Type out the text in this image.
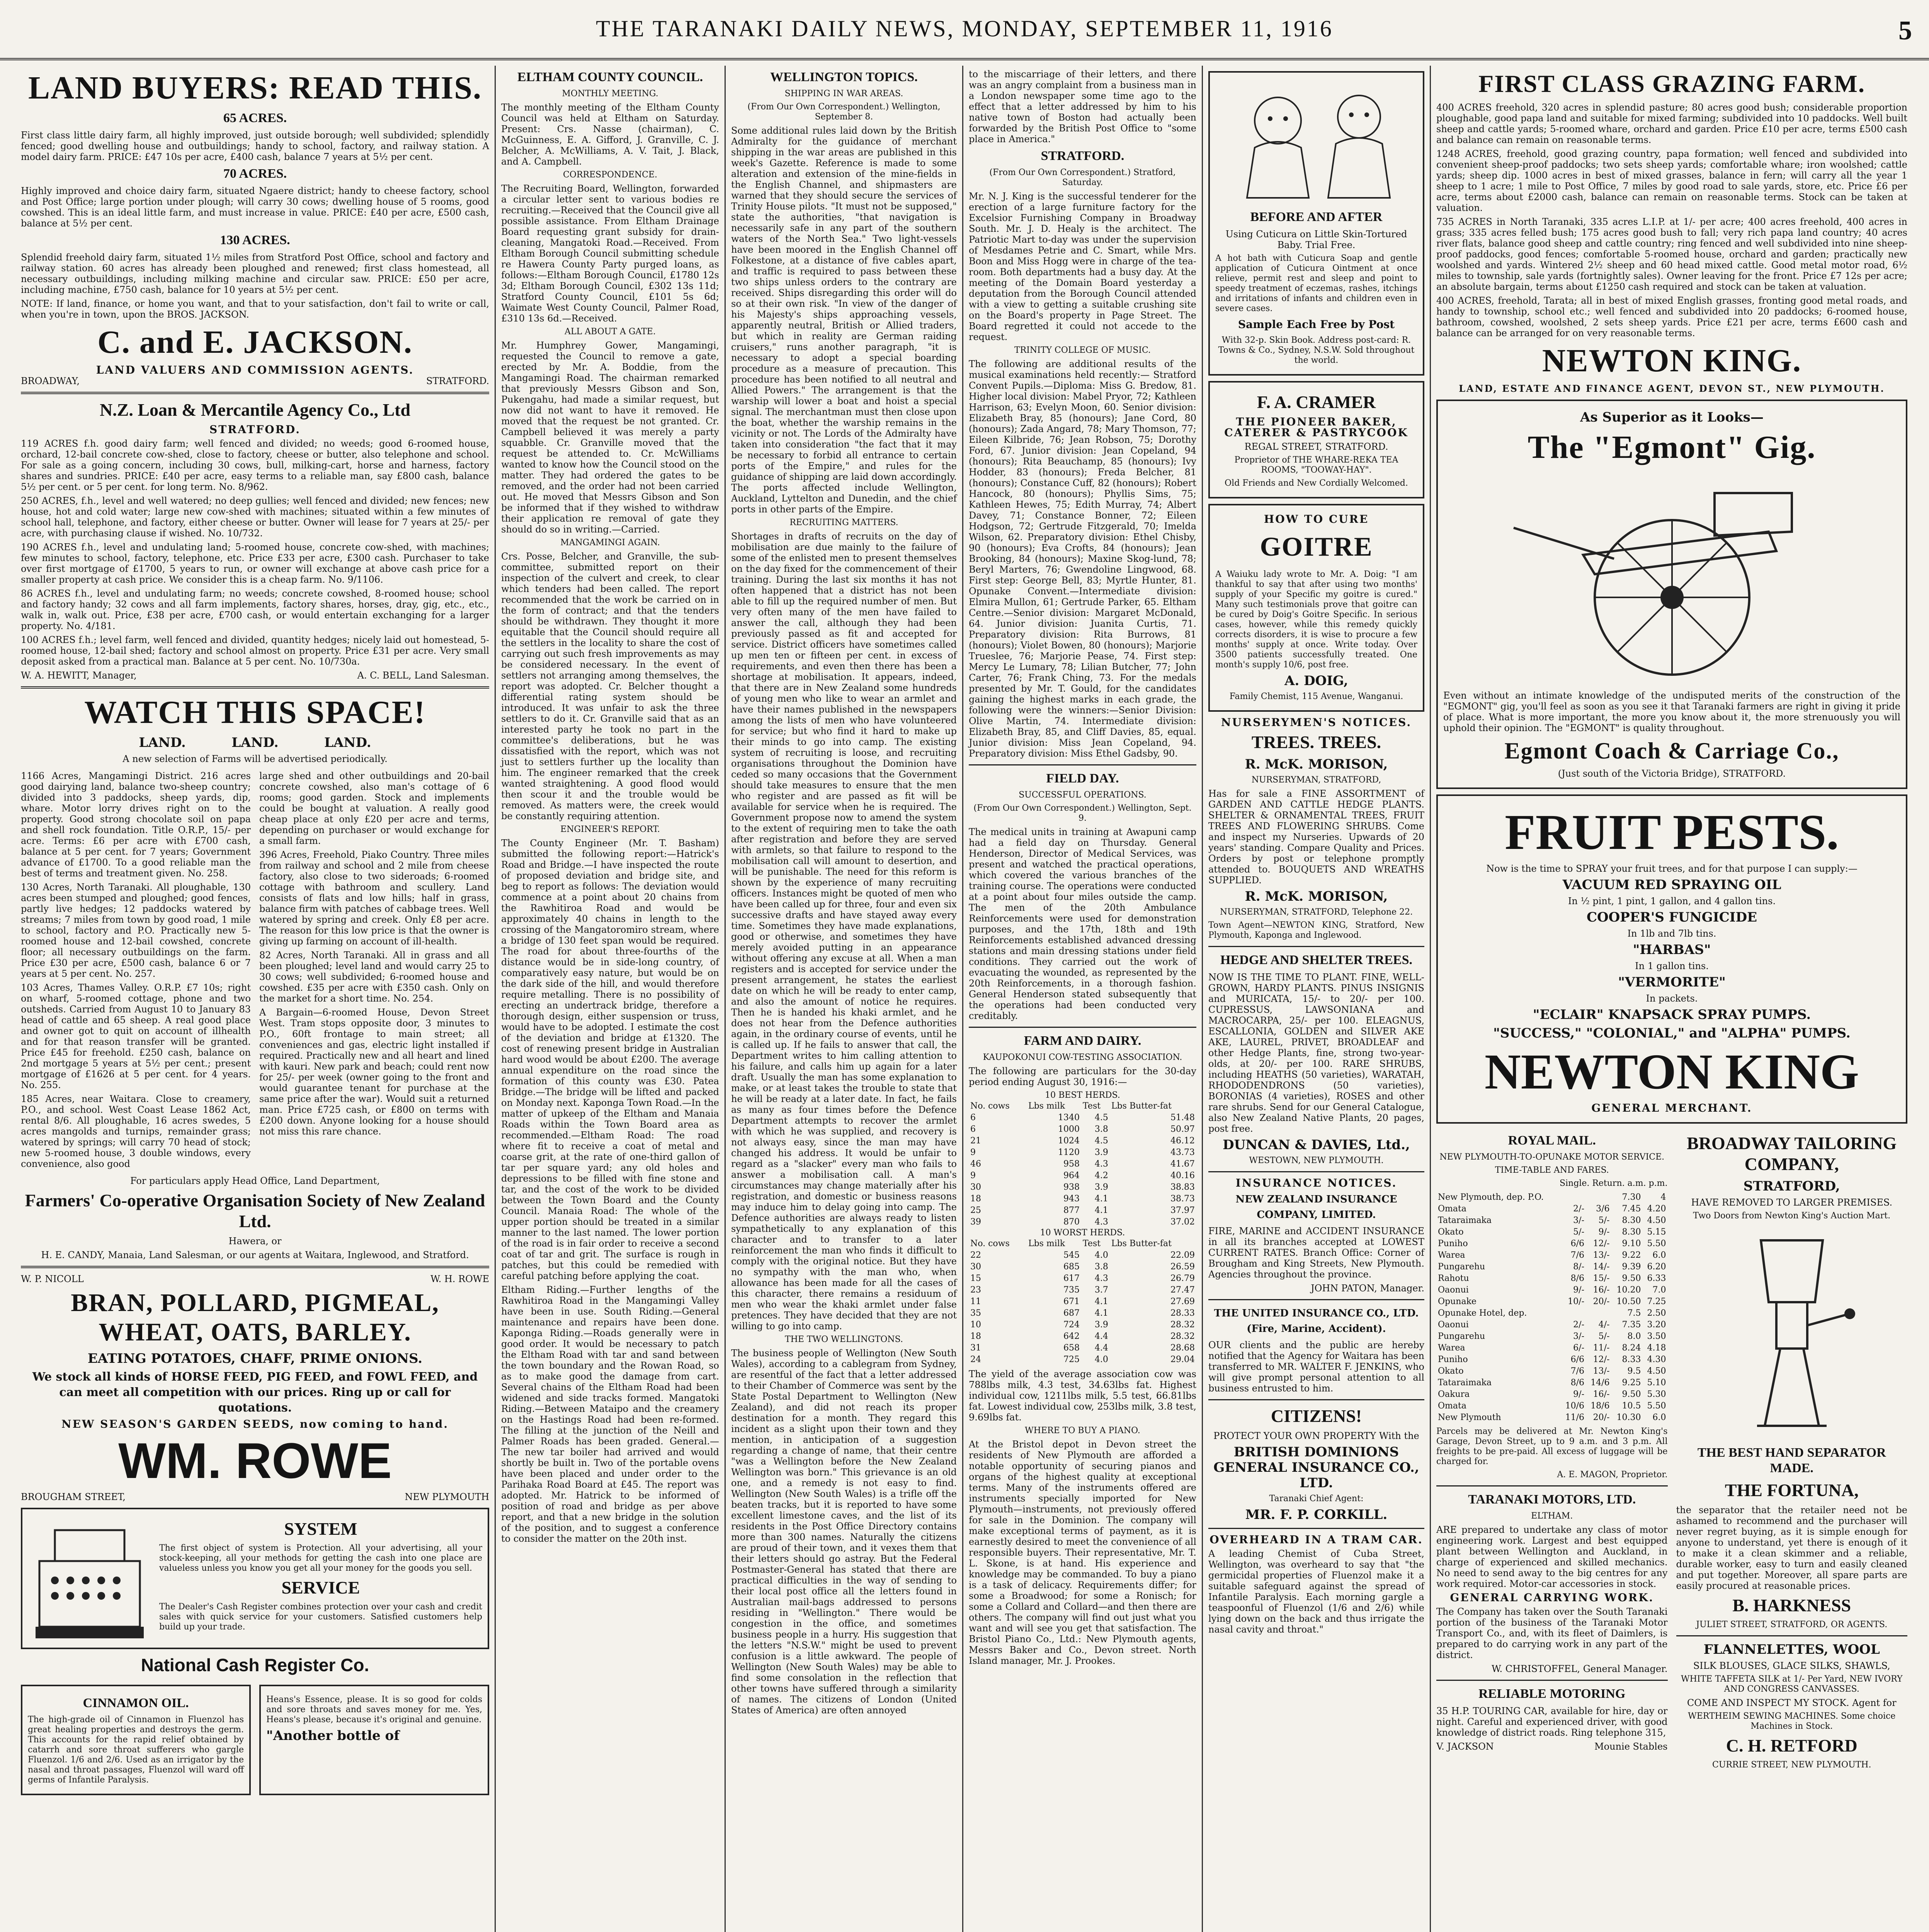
THE TARANAKI DAILY NEWS, MONDAY, SEPTEMBER 11, 1916	5
LAND BUYERS: READ THIS.
65 ACRES.

First class little dairy farm, all highly improved, just outside borough; well subdivided; splendidly fenced; good dwelling house and outbuildings; handy to school, factory, and railway station. A model dairy farm. PRICE: £47 10s per acre, £400 cash, balance 7 years at 5½ per cent.

70 ACRES.

Highly improved and choice dairy farm, situated Ngaere district; handy to cheese factory, school and Post Office; large portion under plough; will carry 30 cows; dwelling house of 5 rooms, good cowshed. This is an ideal little farm, and must increase in value. PRICE: £40 per acre, £500 cash, balance at 5½ per cent.

130 ACRES.

Splendid freehold dairy farm, situated 1½ miles from Stratford Post Office, school and factory and railway station. 60 acres has already been ploughed and renewed; first class homestead, all necessary outbuildings, including milking machine and circular saw. PRICE: £50 per acre, including machine, £750 cash, balance for 10 years at 5½ per cent.

NOTE: If land, finance, or home you want, and that to your satisfaction, don't fail to write or call, when you're in town, upon the BROS. JACKSON.

C. and E. JACKSON.
LAND VALUERS AND COMMISSION AGENTS.
BROADWAY,	STRATFORD.
N.Z. Loan & Mercantile Agency Co., Ltd
STRATFORD.

119 ACRES f.h. good dairy farm; well fenced and divided; no weeds; good 6-roomed house, orchard, 12-bail concrete cow-shed, close to factory, cheese or butter, also telephone and school. For sale as a going concern, including 30 cows, bull, milking-cart, horse and harness, factory shares and sundries. PRICE: £40 per acre, easy terms to a reliable man, say £800 cash, balance 5½ per cent. or 5 per cent. for long term. No. 8/962.

250 ACRES, f.h., level and well watered; no deep gullies; well fenced and divided; new fences; new house, hot and cold water; large new cow-shed with machines; situated within a few minutes of school hall, telephone, and factory, either cheese or butter. Owner will lease for 7 years at 25/- per acre, with purchasing clause if wished. No. 10/732.

190 ACRES f.h., level and undulating land; 5-roomed house, concrete cow-shed, with machines; few minutes to school, factory, telephone, etc. Price £33 per acre, £300 cash. Purchaser to take over first mortgage of £1700, 5 years to run, or owner will exchange at above cash price for a smaller property at cash price. We consider this is a cheap farm. No. 9/1106.

86 ACRES f.h., level and undulating farm; no weeds; concrete cowshed, 8-roomed house; school and factory handy; 32 cows and all farm implements, factory shares, horses, dray, gig, etc., etc., walk in, walk out. Price, £38 per acre, £700 cash, or would entertain exchanging for a larger property. No. 4/181.

100 ACRES f.h.; level farm, well fenced and divided, quantity hedges; nicely laid out homestead, 5-roomed house, 12-bail shed; factory and school almost on property. Price £31 per acre. Very small deposit asked from a practical man. Balance at 5 per cent. No. 10/730a.

W. A. HEWITT, Manager,	A. C. BELL, Land Salesman.
WATCH THIS SPACE!
LAND.          LAND.          LAND.

A new selection of Farms will be advertised periodically.

1166 Acres, Mangamingi District. 216 acres good dairying land, balance two-sheep country; divided into 3 paddocks, sheep yards, dip, whare. Motor lorry drives right on to the property. Good strong chocolate soil on papa and shell rock foundation. Title O.R.P., 15/- per acre. Terms: £6 per acre with £700 cash, balance at 5 per cent. for 7 years; Government advance of £1700. To a good reliable man the best of terms and treatment given. No. 258.

130 Acres, North Taranaki. All ploughable, 130 acres been stumped and ploughed; good fences, partly live hedges; 12 paddocks watered by streams; 7 miles from town by good road, 1 mile to school, factory and P.O. Practically new 5-roomed house and 12-bail cowshed, concrete floor; all necessary outbuildings on the farm. Price £30 per acre, £500 cash, balance 6 or 7 years at 5 per cent. No. 257.

103 Acres, Thames Valley. O.R.P. £7 10s; right on wharf, 5-roomed cottage, phone and two outsheds. Carried from August 10 to January 83 head of cattle and 65 sheep. A real good place and owner got to quit on account of illhealth and for that reason transfer will be granted. Price £45 for freehold. £250 cash, balance on 2nd mortgage 5 years at 5½ per cent.; present mortgage of £1626 at 5 per cent. for 4 years. No. 255.

185 Acres, near Waitara. Close to creamery, P.O., and school. West Coast Lease 1862 Act, rental 8/6. All ploughable, 16 acres swedes, 5 acres mangolds and turnips, remainder grass; watered by springs; will carry 70 head of stock; new 5-roomed house, 3 double windows, every convenience, also good

large shed and other outbuildings and 20-bail concrete cowshed, also man's cottage of 6 rooms; good garden. Stock and implements could be bought at valuation. A really good cheap place at only £20 per acre and terms, depending on purchaser or would exchange for a small farm.

396 Acres, Freehold, Piako Country. Three miles from railway and school and 2 mile from cheese factory, also close to two sideroads; 6-roomed cottage with bathroom and scullery. Land consists of flats and low hills; half in grass, balance firm with patches of cabbage trees. Well watered by spring and creek. Only £8 per acre. The reason for this low price is that the owner is giving up farming on account of ill-health.

82 Acres, North Taranaki. All in grass and all been ploughed; level land and would carry 25 to 30 cows; well subdivided; 6-roomed house and cowshed. £35 per acre with £350 cash. Only on the market for a short time. No. 254.

A Bargain—6-roomed House, Devon Street West. Tram stops opposite door, 3 minutes to P.O., 60ft frontage to main street; all conveniences and gas, electric light installed if required. Practically new and all heart and lined with kauri. New park and beach; could rent now for 25/- per week (owner going to the front and would guarantee tenant for purchase at the same price after the war). Would suit a returned man. Price £725 cash, or £800 on terms with £200 down. Anyone looking for a house should not miss this rare chance.

For particulars apply Head Office, Land Department,

Farmers' Co-operative Organisation Society of New Zealand Ltd.

Hawera, or

H. E. CANDY, Manaia, Land Salesman, or our agents at Waitara, Inglewood, and Stratford.

W. P. NICOLL	W. H. ROWE
BRAN, POLLARD, PIGMEAL, WHEAT, OATS, BARLEY.
EATING POTATOES, CHAFF, PRIME ONIONS.

We stock all kinds of HORSE FEED, PIG FEED, and FOWL FEED, and can meet all competition with our prices. Ring up or call for quotations.

NEW SEASON'S GARDEN SEEDS, now coming to hand.

WM. ROWE
BROUGHAM STREET,	NEW PLYMOUTH
SYSTEM

The first object of system is Protection. All your advertising, all your stock-keeping, all your methods for getting the cash into one place are valueless unless you know you get all your money for the goods you sell.

SERVICE

The Dealer's Cash Register combines protection over your cash and credit sales with quick service for your customers. Satisfied customers help build up your trade.

National Cash Register Co.
CINNAMON OIL.

The high-grade oil of Cinnamon in Fluenzol has great healing properties and destroys the germ. This accounts for the rapid relief obtained by catarrh and sore throat sufferers who gargle Fluenzol. 1/6 and 2/6. Used as an irrigator by the nasal and throat passages, Fluenzol will ward off germs of Infantile Paralysis.

Heans's Essence, please. It is so good for colds and sore throats and saves money for me. Yes, Heans's please, because it's original and genuine.

"Another bottle of

ELTHAM COUNTY COUNCIL.
MONTHLY MEETING.

The monthly meeting of the Eltham County Council was held at Eltham on Saturday. Present: Crs. Nasse (chairman), C. McGuinness, E. A. Gifford, J. Granville, C. J. Belcher, A. McWilliams, A. V. Tait, J. Black, and A. Campbell.

CORRESPONDENCE.

The Recruiting Board, Wellington, forwarded a circular letter sent to various bodies re recruiting.—Received that the Council give all possible assistance. From Eltham Drainage Board requesting grant subsidy for drain-cleaning, Mangatoki Road.—Received. From Eltham Borough Council submitting schedule re Hawera County Party purged loans, as follows:—Eltham Borough Council, £1780 12s 3d; Eltham Borough Council, £302 13s 11d; Stratford County Council, £101 5s 6d; Waimate West County Council, Palmer Road, £310 13s 6d.—Received.

ALL ABOUT A GATE.

Mr. Humphrey Gower, Mangamingi, requested the Council to remove a gate, erected by Mr. A. Boddie, from the Mangamingi Road. The chairman remarked that previously Messrs Gibson and Son, Pukengahu, had made a similar request, but now did not want to have it removed. He moved that the request be not granted. Cr. Campbell believed it was merely a party squabble. Cr. Granville moved that the request be attended to. Cr. McWilliams wanted to know how the Council stood on the matter. They had ordered the gates to be removed, and the order had not been carried out. He moved that Messrs Gibson and Son be informed that if they wished to withdraw their application re removal of gate they should do so in writing.—Carried.

MANGAMINGI AGAIN.

Crs. Posse, Belcher, and Granville, the sub-committee, submitted report on their inspection of the culvert and creek, to clear which tenders had been called. The report recommended that the work be carried on in the form of contract; and that the tenders should be withdrawn. They thought it more equitable that the Council should require all the settlers in the locality to share the cost of carrying out such fresh improvements as may be considered necessary. In the event of settlers not arranging among themselves, the report was adopted. Cr. Belcher thought a differential rating system should be introduced. It was unfair to ask the three settlers to do it. Cr. Granville said that as an interested party he took no part in the committee's deliberations, but he was dissatisfied with the report, which was not just to settlers further up the locality than him. The engineer remarked that the creek wanted straightening. A good flood would then scour it and the trouble would be removed. As matters were, the creek would be constantly requiring attention.

ENGINEER'S REPORT.

The County Engineer (Mr. T. Basham) submitted the following report:—Hatrick's Road and Bridge.—I have inspected the route of proposed deviation and bridge site, and beg to report as follows: The deviation would commence at a point about 20 chains from the Rawhitiroa Road and would be approximately 40 chains in length to the crossing of the Mangatoromiro stream, where a bridge of 130 feet span would be required. The road for about three-fourths of the distance would be in side-long country, of comparatively easy nature, but would be on the dark side of the hill, and would therefore require metalling. There is no possibility of erecting an undertrack bridge, therefore a thorough design, either suspension or truss, would have to be adopted. I estimate the cost of the deviation and bridge at £1320. The cost of renewing present bridge in Australian hard wood would be about £200. The average annual expenditure on the road since the formation of this county was £30. Patea Bridge.—The bridge will be lifted and packed on Monday next. Kaponga Town Road.—In the matter of upkeep of the Eltham and Manaia Roads within the Town Board area as recommended.—Eltham Road: The road where fit to receive a coat of metal and coarse grit, at the rate of one-third gallon of tar per square yard; any old holes and depressions to be filled with fine stone and tar, and the cost of the work to be divided between the Town Board and the County Council. Manaia Road: The whole of the upper portion should be treated in a similar manner to the last named. The lower portion of the road is in fair order to receive a second coat of tar and grit. The surface is rough in patches, but this could be remedied with careful patching before applying the coat.

Eltham Riding.—Further lengths of the Rawhitiroa Road in the Mangamingi Valley have been in use. South Riding.—General maintenance and repairs have been done. Kaponga Riding.—Roads generally were in good order. It would be necessary to patch the Eltham Road with tar and sand between the town boundary and the Rowan Road, so as to make good the damage from cart. Several chains of the Eltham Road had been widened and side tracks formed. Mangatoki Riding.—Between Mataipo and the creamery on the Hastings Road had been re-formed. The filling at the junction of the Neill and Palmer Roads has been graded. General.—The new tar boiler had arrived and would shortly be built in. Two of the portable ovens have been placed and under order to the Parihaka Road Board at £45. The report was adopted. Mr. Hatrick to be informed of position of road and bridge as per above report, and that a new bridge in the solution of the position, and to suggest a conference to consider the matter on the 20th inst.

WELLINGTON TOPICS.
SHIPPING IN WAR AREAS.

(From Our Own Correspondent.) Wellington, September 8.

Some additional rules laid down by the British Admiralty for the guidance of merchant shipping in the war areas are published in this week's Gazette. Reference is made to some alteration and extension of the mine-fields in the English Channel, and shipmasters are warned that they should secure the services of Trinity House pilots. "It must not be supposed," state the authorities, "that navigation is necessarily safe in any part of the southern waters of the North Sea." Two light-vessels have been moored in the English Channel off Folkestone, at a distance of five cables apart, and traffic is required to pass between these two ships unless orders to the contrary are received. Ships disregarding this order will do so at their own risk. "In view of the danger of his Majesty's ships approaching vessels, apparently neutral, British or Allied traders, but which in reality are German raiding cruisers," runs another paragraph, "it is necessary to adopt a special boarding procedure as a measure of precaution. This procedure has been notified to all neutral and Allied Powers." The arrangement is that the warship will lower a boat and hoist a special signal. The merchantman must then close upon the boat, whether the warship remains in the vicinity or not. The Lords of the Admiralty have taken into consideration "the fact that it may be necessary to forbid all entrance to certain ports of the Empire," and rules for the guidance of shipping are laid down accordingly. The ports affected include Wellington, Auckland, Lyttelton and Dunedin, and the chief ports in other parts of the Empire.

RECRUITING MATTERS.

Shortages in drafts of recruits on the day of mobilisation are due mainly to the failure of some of the enlisted men to present themselves on the day fixed for the commencement of their training. During the last six months it has not often happened that a district has not been able to fill up the required number of men. But very often many of the men have failed to answer the call, although they had been previously passed as fit and accepted for service. District officers have sometimes called up men ten or fifteen per cent. in excess of requirements, and even then there has been a shortage at mobilisation. It appears, indeed, that there are in New Zealand some hundreds of young men who like to wear an armlet and have their names published in the newspapers among the lists of men who have volunteered for service; but who find it hard to make up their minds to go into camp. The existing system of recruiting is loose, and recruiting organisations throughout the Dominion have ceded so many occasions that the Government should take measures to ensure that the men who register and are passed as fit will be available for service when he is required. The Government propose now to amend the system to the extent of requiring men to take the oath after registration and before they are served with armlets, so that failure to respond to the mobilisation call will amount to desertion, and will be punishable. The need for this reform is shown by the experience of many recruiting officers. Instances might be quoted of men who have been called up for three, four and even six successive drafts and have stayed away every time. Sometimes they have made explanations, good or otherwise, and sometimes they have merely avoided putting in an appearance without offering any excuse at all. When a man registers and is accepted for service under the present arrangement, he states the earliest date on which he will be ready to enter camp, and also the amount of notice he requires. Then he is handed his khaki armlet, and he does not hear from the Defence authorities again, in the ordinary course of events, until he is called up. If he fails to answer that call, the Department writes to him calling attention to his failure, and calls him up again for a later draft. Usually the man has some explanation to make, or at least takes the trouble to state that he will be ready at a later date. In fact, he fails as many as four times before the Defence Department attempts to recover the armlet with which he was supplied, and recovery is not always easy, since the man may have changed his address. It would be unfair to regard as a "slacker" every man who fails to answer a mobilisation call. A man's circumstances may change materially after his registration, and domestic or business reasons may induce him to delay going into camp. The Defence authorities are always ready to listen sympathetically to any explanation of this character and to transfer to a later reinforcement the man who finds it difficult to comply with the original notice. But they have no sympathy with the man who, when allowance has been made for all the cases of this character, there remains a residuum of men who wear the khaki armlet under false pretences. They have decided that they are not willing to go into camp.

THE TWO WELLINGTONS.

The business people of Wellington (New South Wales), according to a cablegram from Sydney, are resentful of the fact that a letter addressed to their Chamber of Commerce was sent by the State Postal Department to Wellington (New Zealand), and did not reach its proper destination for a month. They regard this incident as a slight upon their town and they mention, in anticipation of a suggestion regarding a change of name, that their centre "was a Wellington before the New Zealand Wellington was born." This grievance is an old one, and a remedy is not easy to find. Wellington (New South Wales) is a trifle off the beaten tracks, but it is reported to have some excellent limestone caves, and the list of its residents in the Post Office Directory contains more than 300 names. Naturally the citizens are proud of their town, and it vexes them that their letters should go astray. But the Federal Postmaster-General has stated that there are practical difficulties in the way of sending to their local post office all the letters found in Australian mail-bags addressed to persons residing in "Wellington." There would be congestion in the office, and sometimes business people in a hurry. His suggestion that the letters "N.S.W." might be used to prevent confusion is a little awkward. The people of Wellington (New South Wales) may be able to find some consolation in the reflection that other towns have suffered through a similarity of names. The citizens of London (United States of America) are often annoyed

to the miscarriage of their letters, and there was an angry complaint from a business man in a London newspaper some time ago to the effect that a letter addressed by him to his native town of Boston had actually been forwarded by the British Post Office to "some place in America."

STRATFORD.

(From Our Own Correspondent.) Stratford, Saturday.

Mr. N. J. King is the successful tenderer for the erection of a large furniture factory for the Excelsior Furnishing Company in Broadway South. Mr. J. D. Healy is the architect. The Patriotic Mart to-day was under the supervision of Mesdames Petrie and C. Smart, while Mrs. Boon and Miss Hogg were in charge of the tea-room. Both departments had a busy day. At the meeting of the Domain Board yesterday a deputation from the Borough Council attended with a view to getting a suitable crushing site on the Board's property in Page Street. The Board regretted it could not accede to the request.

TRINITY COLLEGE OF MUSIC.

The following are additional results of the musical examinations held recently:— Stratford Convent Pupils.—Diploma: Miss G. Bredow, 81. Higher local division: Mabel Pryor, 72; Kathleen Harrison, 63; Evelyn Moon, 60. Senior division: Elizabeth Bray, 85 (honours); Jane Cord, 80 (honours); Zada Angard, 78; Mary Thomson, 77; Eileen Kilbride, 76; Jean Robson, 75; Dorothy Ford, 67. Junior division: Jean Copeland, 94 (honours); Rita Beauchamp, 85 (honours); Ivy Hodder, 83 (honours); Freda Belcher, 81 (honours); Constance Cuff, 82 (honours); Robert Hancock, 80 (honours); Phyllis Sims, 75; Kathleen Hewes, 75; Edith Murray, 74; Albert Davey, 71; Constance Bonner, 72; Eileen Hodgson, 72; Gertrude Fitzgerald, 70; Imelda Wilson, 62. Preparatory division: Ethel Chisby, 90 (honours); Eva Crofts, 84 (honours); Jean Brooking, 84 (honours); Maxine Skog-lund, 78; Beryl Marters, 76; Gwendoline Lingwood, 68. First step: George Bell, 83; Myrtle Hunter, 81. Opunake Convent.—Intermediate division: Elmira Mullon, 61; Gertrude Parker, 65. Eltham Centre.—Senior division: Margaret McDonald, 64. Junior division: Juanita Curtis, 71. Preparatory division: Rita Burrows, 81 (honours); Violet Bowen, 80 (honours); Marjorie Trueslee, 76; Marjorie Pease, 74. First step: Mercy Le Lumary, 78; Lilian Butcher, 77; John Carter, 76; Frank Ching, 73. For the medals presented by Mr. T. Gould, for the candidates gaining the highest marks in each grade, the following were the winners:—Senior Division: Olive Martin, 74. Intermediate division: Elizabeth Bray, 85, and Cliff Davies, 85, equal. Junior division: Miss Jean Copeland, 94. Preparatory division: Miss Ethel Gadsby, 90.

FIELD DAY.
SUCCESSFUL OPERATIONS.

(From Our Own Correspondent.) Wellington, Sept. 9.

The medical units in training at Awapuni camp had a field day on Thursday. General Henderson, Director of Medical Services, was present and watched the practical operations, which covered the various branches of the training course. The operations were conducted at a point about four miles outside the camp. The men of the 20th Ambulance Reinforcements were used for demonstration purposes, and the 17th, 18th and 19th Reinforcements established advanced dressing stations and main dressing stations under field conditions. They carried out the work of evacuating the wounded, as represented by the 20th Reinforcements, in a thorough fashion. General Henderson stated subsequently that the operations had been conducted very creditably.

FARM AND DAIRY.
KAUPOKONUI COW-TESTING ASSOCIATION.

The following are particulars for the 30-day period ending August 30, 1916:—

10 BEST HERDS.
No. cows	Lbs milk	Test	Lbs Butter-fat
6	1340	4.5	51.48
6	1000	3.8	50.97
21	1024	4.5	46.12
9	1120	3.9	43.73
46	958	4.3	41.67
9	964	4.2	40.16
30	938	3.9	38.83
18	943	4.1	38.73
25	877	4.1	37.97
39	870	4.3	37.02
10 WORST HERDS.
No. cows	Lbs milk	Test	Lbs Butter-fat
22	545	4.0	22.09
30	685	3.8	26.59
15	617	4.3	26.79
23	735	3.7	27.47
11	671	4.1	27.69
35	687	4.1	28.33
10	724	3.9	28.32
18	642	4.4	28.32
31	658	4.4	28.68
24	725	4.0	29.04

The yield of the average association cow was 788lbs milk, 4.3 test, 34.63lbs fat. Highest individual cow, 1211lbs milk, 5.5 test, 66.81lbs fat. Lowest individual cow, 253lbs milk, 3.8 test, 9.69lbs fat.

WHERE TO BUY A PIANO.

At the Bristol depot in Devon street the residents of New Plymouth are afforded a notable opportunity of securing pianos and organs of the highest quality at exceptional terms. Many of the instruments offered are instruments specially imported for New Plymouth—instruments, not previously offered for sale in the Dominion. The company will make exceptional terms of payment, as it is earnestly desired to meet the convenience of all responsible buyers. Their representative, Mr. T. L. Skone, is at hand. His experience and knowledge may be commanded. To buy a piano is a task of delicacy. Requirements differ; for some a Broadwood; for some a Ronisch; for some a Collard and Collard—and then there are others. The company will find out just what you want and will see you get that satisfaction. The Bristol Piano Co., Ltd.: New Plymouth agents, Messrs Baker and Co., Devon street. North Island manager, Mr. J. Prookes.

BEFORE AND AFTER

Using Cuticura on Little Skin-Tortured Baby. Trial Free.

A hot bath with Cuticura Soap and gentle application of Cuticura Ointment at once relieve, permit rest and sleep and point to speedy treatment of eczemas, rashes, itchings and irritations of infants and children even in severe cases.

Sample Each Free by Post

With 32-p. Skin Book. Address post-card: R. Towns & Co., Sydney, N.S.W. Sold throughout the world.

F. A. CRAMER

THE PIONEER BAKER, CATERER & PASTRYCOOK

REGAL STREET, STRATFORD.

Proprietor of THE WHARE-REKA TEA ROOMS, "TOOWAY-HAY".

Old Friends and New Cordially Welcomed.

HOW TO CURE

GOITRE

A Waiuku lady wrote to Mr. A. Doig: "I am thankful to say that after using two months' supply of your Specific my goitre is cured." Many such testimonials prove that goitre can be cured by Doig's Goitre Specific. In serious cases, however, while this remedy quickly corrects disorders, it is wise to procure a few months' supply at once. Write today. Over 3500 patients successfully treated. One month's supply 10/6, post free.

A. DOIG,

Family Chemist, 115 Avenue, Wanganui.

NURSERYMEN'S NOTICES.
TREES. TREES.

R. McK. MORISON,

NURSERYMAN, STRATFORD,

Has for sale a FINE ASSORTMENT of GARDEN AND CATTLE HEDGE PLANTS. SHELTER & ORNAMENTAL TREES, FRUIT TREES AND FLOWERING SHRUBS. Come and inspect my Nurseries. Upwards of 20 years' standing. Compare Quality and Prices. Orders by post or telephone promptly attended to. BOUQUETS AND WREATHS SUPPLIED.

R. McK. MORISON,

NURSERYMAN, STRATFORD, Telephone 22.

Town Agent—NEWTON KING, Stratford, New Plymouth, Kaponga and Inglewood.

HEDGE AND SHELTER TREES.

NOW IS THE TIME TO PLANT. FINE, WELL-GROWN, HARDY PLANTS. PINUS INSIGNIS and MURICATA, 15/- to 20/- per 100. CUPRESSUS, LAWSONIANA and MACROCARPA, 25/- per 100. ELEAGNUS, ESCALLONIA, GOLDEN and SILVER AKE AKE, LAUREL, PRIVET, BROADLEAF and other Hedge Plants, fine, strong two-year-olds, at 20/- per 100. RARE SHRUBS, including HEATHS (50 varieties), WARATAH, RHODODENDRONS (50 varieties), BORONIAS (4 varieties), ROSES and other rare shrubs. Send for our General Catalogue, also New Zealand Native Plants, 20 pages, post free.

DUNCAN & DAVIES, Ltd.,

WESTOWN, NEW PLYMOUTH.

INSURANCE NOTICES.

NEW ZEALAND INSURANCE COMPANY, LIMITED.

FIRE, MARINE and ACCIDENT INSURANCE in all its branches accepted at LOWEST CURRENT RATES. Branch Office: Corner of Brougham and King Streets, New Plymouth. Agencies throughout the province.

JOHN PATON, Manager.

THE UNITED INSURANCE CO., LTD. (Fire, Marine, Accident).

OUR clients and the public are hereby notified that the Agency for Waitara has been transferred to MR. WALTER F. JENKINS, who will give prompt personal attention to all business entrusted to him.

CITIZENS!

PROTECT YOUR OWN PROPERTY With the

BRITISH DOMINIONS GENERAL INSURANCE CO., LTD.

Taranaki Chief Agent:

MR. F. P. CORKILL.

OVERHEARD IN A TRAM CAR.

A leading Chemist of Cuba Street, Wellington, was overheard to say that "the germicidal properties of Fluenzol make it a suitable safeguard against the spread of Infantile Paralysis. Each morning gargle a teaspoonful of Fluenzol (1/6 and 2/6) while lying down on the back and thus irrigate the nasal cavity and throat."

FIRST CLASS GRAZING FARM.

400 ACRES freehold, 320 acres in splendid pasture; 80 acres good bush; considerable proportion ploughable, good papa land and suitable for mixed farming; subdivided into 10 paddocks. Well built sheep and cattle yards; 5-roomed whare, orchard and garden. Price £10 per acre, terms £500 cash and balance can remain on reasonable terms.

1248 ACRES, freehold, good grazing country, papa formation; well fenced and subdivided into convenient sheep-proof paddocks; two sets sheep yards; comfortable whare; iron woolshed; cattle yards; sheep dip. 1000 acres in best of mixed grasses, balance in fern; will carry all the year 1 sheep to 1 acre; 1 mile to Post Office, 7 miles by good road to sale yards, store, etc. Price £6 per acre, terms about £2000 cash, balance can remain on reasonable terms. Stock can be taken at valuation.

735 ACRES in North Taranaki, 335 acres L.I.P. at 1/- per acre; 400 acres freehold, 400 acres in grass; 335 acres felled bush; 175 acres good bush to fall; very rich papa land country; 40 acres river flats, balance good sheep and cattle country; ring fenced and well subdivided into nine sheep-proof paddocks, good fences; comfortable 5-roomed house, orchard and garden; practically new woolshed and yards. Wintered 2½ sheep and 60 head mixed cattle. Good metal motor road, 6½ miles to township, sale yards (fortnightly sales). Owner leaving for the front. Price £7 12s per acre; an absolute bargain, terms about £1250 cash required and stock can be taken at valuation.

400 ACRES, freehold, Tarata; all in best of mixed English grasses, fronting good metal roads, and handy to township, school etc.; well fenced and subdivided into 20 paddocks; 6-roomed house, bathroom, cowshed, woolshed, 2 sets sheep yards. Price £21 per acre, terms £600 cash and balance can be arranged for on very reasonable terms.

NEWTON KING.

LAND, ESTATE AND FINANCE AGENT, DEVON ST., NEW PLYMOUTH.

As Superior as it Looks—

The "Egmont" Gig.

Even without an intimate knowledge of the undisputed merits of the construction of the "EGMONT" gig, you'll feel as soon as you see it that Taranaki farmers are right in giving it pride of place. What is more important, the more you know about it, the more strenuously you will uphold their opinion. The "EGMONT" is quality throughout.

Egmont Coach & Carriage Co.,

(Just south of the Victoria Bridge), STRATFORD.

FRUIT PESTS.

Now is the time to SPRAY your fruit trees, and for that purpose I can supply:—

VACUUM RED SPRAYING OIL

In ½ pint, 1 pint, 1 gallon, and 4 gallon tins.

COOPER'S FUNGICIDE

In 1lb and 7lb tins.

"HARBAS"

In 1 gallon tins.

"VERMORITE"

In packets.

"ECLAIR" KNAPSACK SPRAY PUMPS.

"SUCCESS," "COLONIAL," and "ALPHA" PUMPS.

NEWTON KING

GENERAL MERCHANT.

ROYAL MAIL.

NEW PLYMOUTH-TO-OPUNAKE MOTOR SERVICE.

TIME-TABLE AND FARES.

Single. Return. a.m. p.m.

New Plymouth, dep. P.O.			7.30	4
Omata	2/-	3/6	7.45	4.20
Tataraimaka	3/-	5/-	8.30	4.50
Okato	5/-	9/-	8.30	5.15
Puniho	6/6	12/-	9.10	5.50
Warea	7/6	13/-	9.22	6.0
Pungarehu	8/-	14/-	9.39	6.20
Rahotu	8/6	15/-	9.50	6.33
Oaonui	9/-	16/-	10.20	7.0
Opunake	10/-	20/-	10.50	7.25
Opunake Hotel, dep.			7.5	2.50
Oaonui	2/-	4/-	7.35	3.20
Pungarehu	3/-	5/-	8.0	3.50
Warea	6/-	11/-	8.24	4.18
Puniho	6/6	12/-	8.33	4.30
Okato	7/6	13/-	9.5	4.50
Tataraimaka	8/6	14/6	9.25	5.10
Oakura	9/-	16/-	9.50	5.30
Omata	10/6	18/6	10.5	5.50
New Plymouth	11/6	20/-	10.30	6.0

Parcels may be delivered at Mr. Newton King's Garage, Devon Street, up to 9 a.m. and 3 p.m. All freights to be pre-paid. All excess of luggage will be charged for.

A. E. MAGON, Proprietor.

TARANAKI MOTORS, LTD.

ELTHAM.

ARE prepared to undertake any class of motor engineering work. Largest and best equipped plant between Wellington and Auckland, in charge of experienced and skilled mechanics. No need to send away to the big centres for any work required. Motor-car accessories in stock.

GENERAL CARRYING WORK.

The Company has taken over the South Taranaki portion of the business of the Taranaki Motor Transport Co., and, with its fleet of Daimlers, is prepared to do carrying work in any part of the district.

W. CHRISTOFFEL, General Manager.

RELIABLE MOTORING

35 H.P. TOURING CAR, available for hire, day or night. Careful and experienced driver, with good knowledge of district roads. Ring telephone 315,

V. JACKSON	Mounie Stables
BROADWAY TAILORING COMPANY,

STRATFORD,

HAVE REMOVED TO LARGER PREMISES.

Two Doors from Newton King's Auction Mart.

THE BEST HAND SEPARATOR MADE.
THE FORTUNA,

the separator that the retailer need not be ashamed to recommend and the purchaser will never regret buying, as it is simple enough for anyone to understand, yet there is enough of it to make it a clean skimmer and a reliable, durable worker, easy to turn and easily cleaned and put together. Moreover, all spare parts are easily procured at reasonable prices.

B. HARKNESS

JULIET STREET, STRATFORD, OR AGENTS.

FLANNELETTES, WOOL

SILK BLOUSES, GLACE SILKS, SHAWLS,

WHITE TAFFETA SILK at 1/- Per Yard, NEW IVORY AND CONGRESS CANVASSES.

COME AND INSPECT MY STOCK. Agent for

WERTHEIM SEWING MACHINES. Some choice Machines in Stock.

C. H. RETFORD

CURRIE STREET, NEW PLYMOUTH.
